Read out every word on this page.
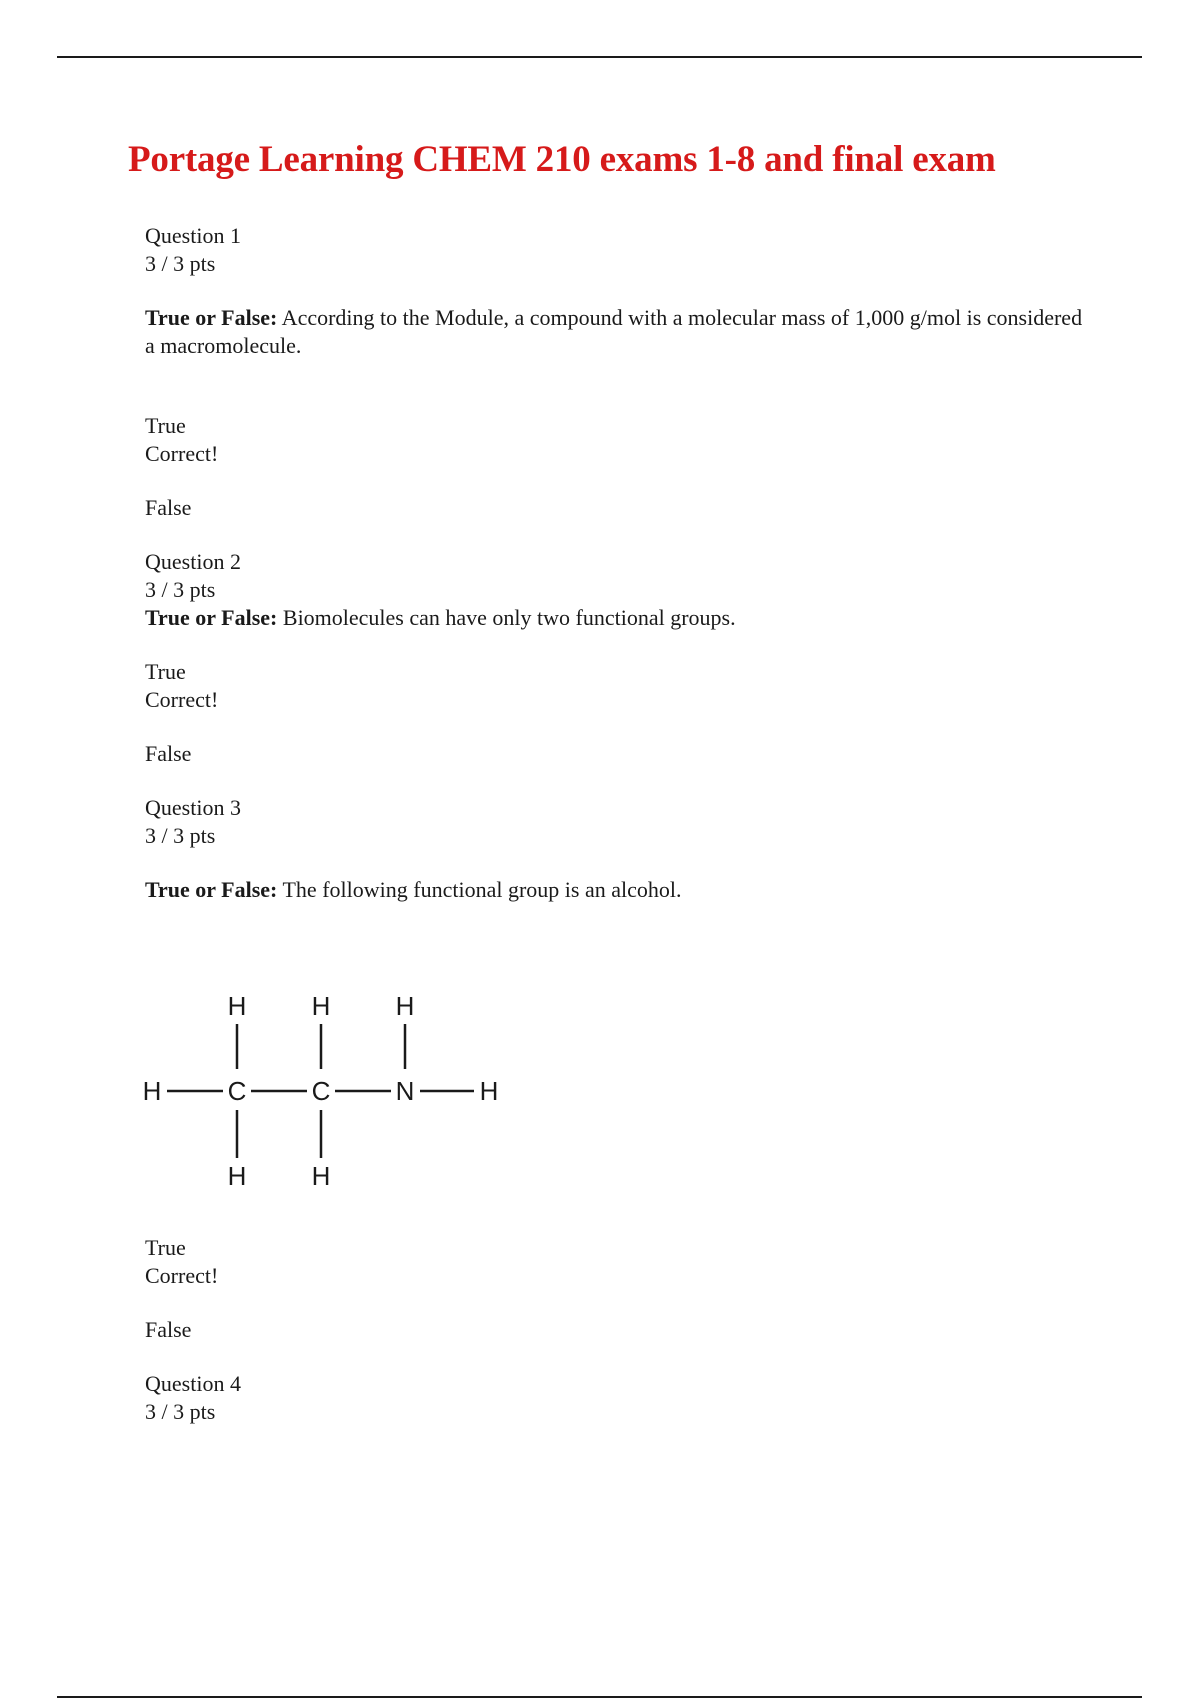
Portage Learning CHEM 210 exams 1-8 and final exam
Question 1
3 / 3 pts
True or False: According to the Module, a compound with a molecular mass of 1,000 g/mol is considered a macromolecule.
True
Correct!
False
Question 2
3 / 3 pts
True or False: Biomolecules can have only two functional groups.
True
Correct!
False
Question 3
3 / 3 pts
True or False: The following functional group is an alcohol.
H	H	H
H	C	C	N	H
H	H
True
Correct!
False
Question 4
3 / 3 pts
